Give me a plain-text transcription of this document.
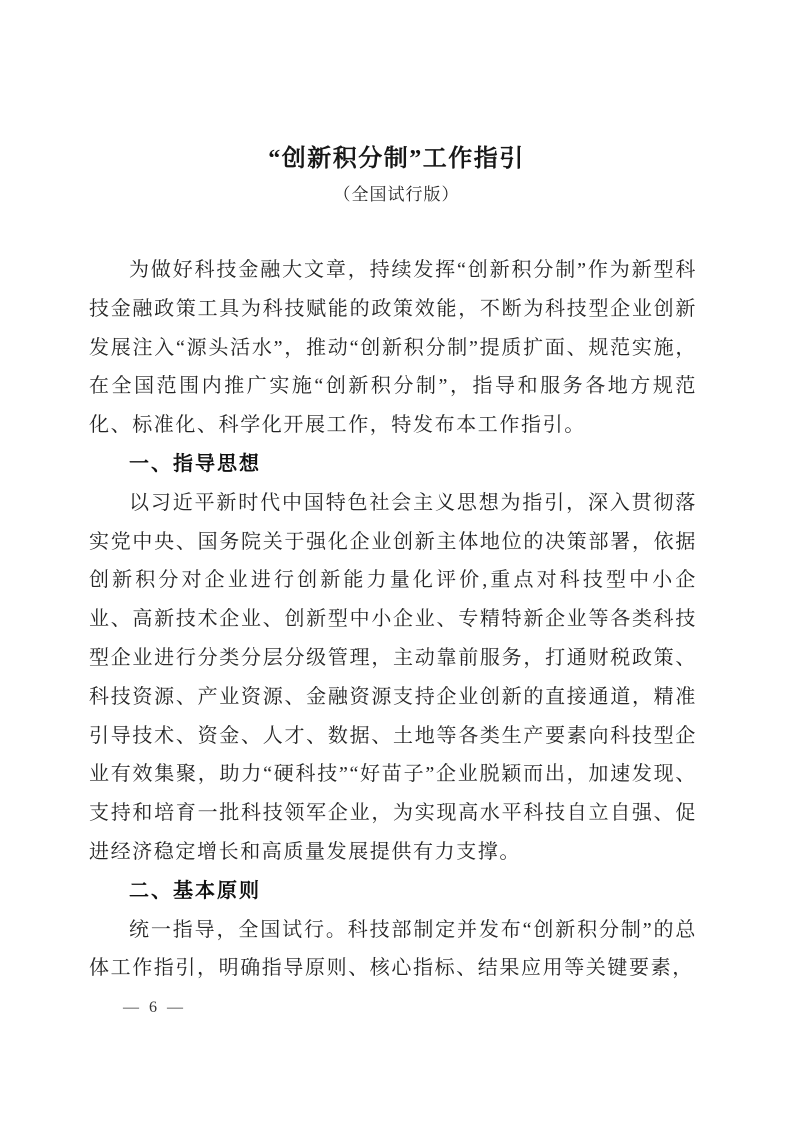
“创新积分制”工作指引
（全国试行版）

为做好科技金融大文章，持续发挥“创新积分制”作为新型科技金融政策工具为科技赋能的政策效能，不断为科技型企业创新发展注入“源头活水”，推动“创新积分制”提质扩面、规范实施，在全国范围内推广实施“创新积分制”，指导和服务各地方规范化、标准化、科学化开展工作，特发布本工作指引。

一、指导思想

以习近平新时代中国特色社会主义思想为指引，深入贯彻落实党中央、国务院关于强化企业创新主体地位的决策部署，依据创新积分对企业进行创新能力量化评价,重点对科技型中小企业、高新技术企业、创新型中小企业、专精特新企业等各类科技型企业进行分类分层分级管理，主动靠前服务，打通财税政策、科技资源、产业资源、金融资源支持企业创新的直接通道，精准引导技术、资金、人才、数据、土地等各类生产要素向科技型企业有效集聚，助力“硬科技”“好苗子”企业脱颖而出，加速发现、支持和培育一批科技领军企业，为实现高水平科技自立自强、促进经济稳定增长和高质量发展提供有力支撑。

二、基本原则

统一指导，全国试行。科技部制定并发布“创新积分制”的总体工作指引，明确指导原则、核心指标、结果应用等关键要素，

— 6 —
